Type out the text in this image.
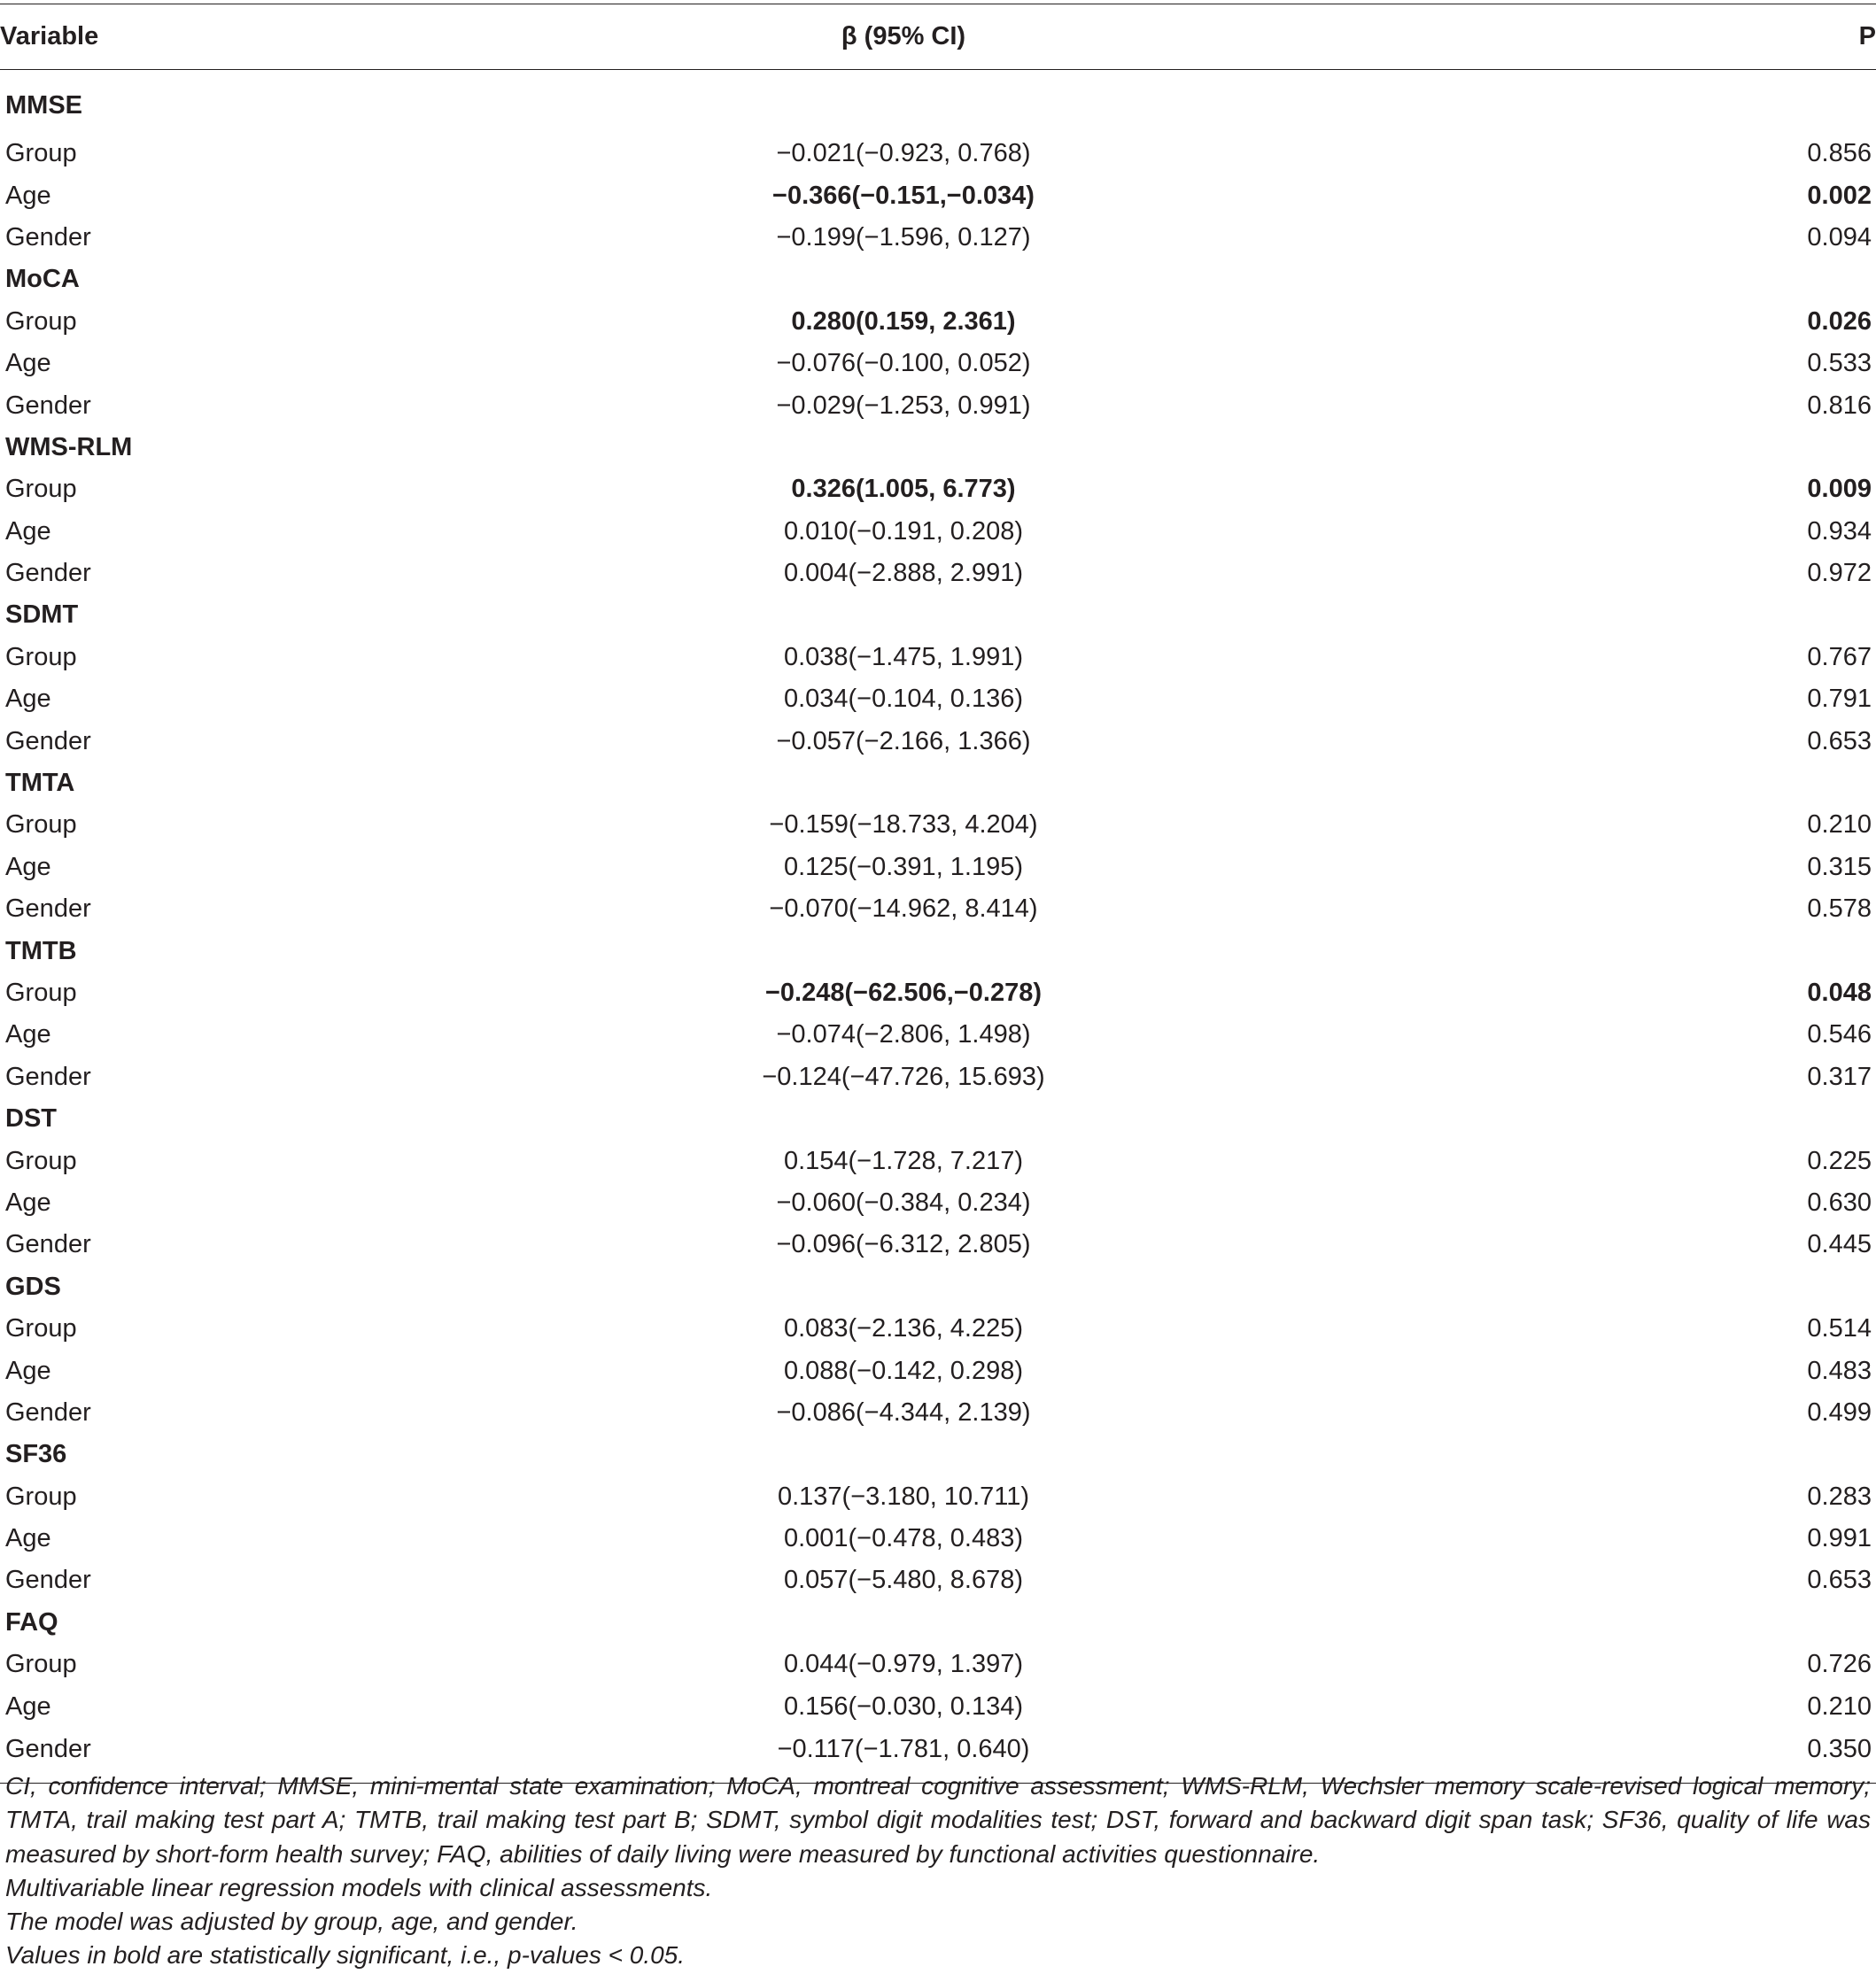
Variable	β (95% CI)	P
MMSE		
Group	−0.021(−0.923, 0.768)	0.856
Age	−0.366(−0.151,−0.034)	0.002
Gender	−0.199(−1.596, 0.127)	0.094
MoCA		
Group	0.280(0.159, 2.361)	0.026
Age	−0.076(−0.100, 0.052)	0.533
Gender	−0.029(−1.253, 0.991)	0.816
WMS-RLM		
Group	0.326(1.005, 6.773)	0.009
Age	0.010(−0.191, 0.208)	0.934
Gender	0.004(−2.888, 2.991)	0.972
SDMT		
Group	0.038(−1.475, 1.991)	0.767
Age	0.034(−0.104, 0.136)	0.791
Gender	−0.057(−2.166, 1.366)	0.653
TMTA		
Group	−0.159(−18.733, 4.204)	0.210
Age	0.125(−0.391, 1.195)	0.315
Gender	−0.070(−14.962, 8.414)	0.578
TMTB		
Group	−0.248(−62.506,−0.278)	0.048
Age	−0.074(−2.806, 1.498)	0.546
Gender	−0.124(−47.726, 15.693)	0.317
DST		
Group	0.154(−1.728, 7.217)	0.225
Age	−0.060(−0.384, 0.234)	0.630
Gender	−0.096(−6.312, 2.805)	0.445
GDS		
Group	0.083(−2.136, 4.225)	0.514
Age	0.088(−0.142, 0.298)	0.483
Gender	−0.086(−4.344, 2.139)	0.499
SF36		
Group	0.137(−3.180, 10.711)	0.283
Age	0.001(−0.478, 0.483)	0.991
Gender	0.057(−5.480, 8.678)	0.653
FAQ		
Group	0.044(−0.979, 1.397)	0.726
Age	0.156(−0.030, 0.134)	0.210
Gender	−0.117(−1.781, 0.640)	0.350

CI, confidence interval; MMSE, mini-mental state examination; MoCA, montreal cognitive assessment; WMS-RLM, Wechsler memory scale-revised logical memory; TMTA, trail making test part A; TMTB, trail making test part B; SDMT, symbol digit modalities test; DST, forward and backward digit span task; SF36, quality of life was measured by short-form health survey; FAQ, abilities of daily living were measured by functional activities questionnaire.

Multivariable linear regression models with clinical assessments.

The model was adjusted by group, age, and gender.

Values in bold are statistically significant, i.e., p-values < 0.05.
